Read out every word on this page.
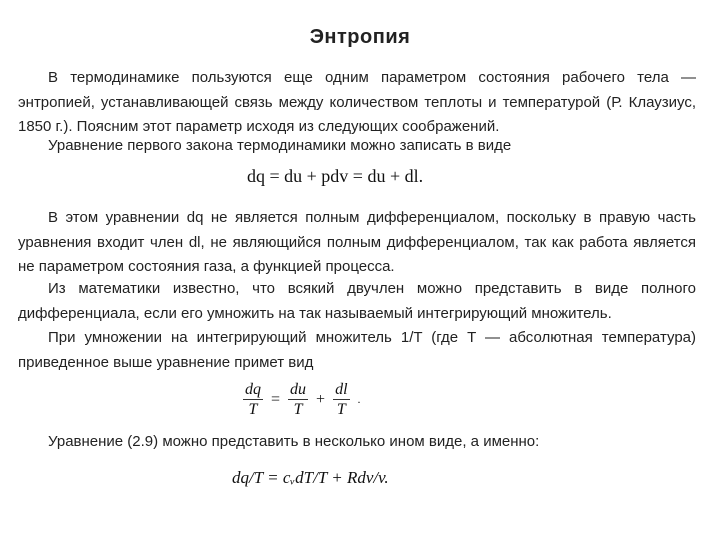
Энтропия

В термодинамике пользуются еще одним параметром состояния рабочего тела — энтропией, устанавливающей связь между количеством теплоты и температурой (Р. Клаузиус, 1850 г.). Поясним этот параметр исходя из следующих соображений.

Уравнение первого закона термодинамики можно записать в виде

dq = du + pdv = du + dl.

В этом уравнении dq не является полным дифференциалом, поскольку в правую часть уравнения входит член dl, не являющийся полным дифференциалом, так как работа является не параметром состояния газа, а функцией процесса.

Из математики известно, что всякий двучлен можно представить в виде полного дифференциала, если его умножить на так называемый интегрирующий множитель.

При умножении на интегрирующий множитель 1/T (где T — абсолютная температура) приведенное выше уравнение примет вид

$\frac{dq}{T} = \frac{du}{T} + \frac{dl}{T}$ .

Уравнение (2.9) можно представить в несколько ином виде, а именно:

dq/T = cᵥdT/T + Rdv/v.
